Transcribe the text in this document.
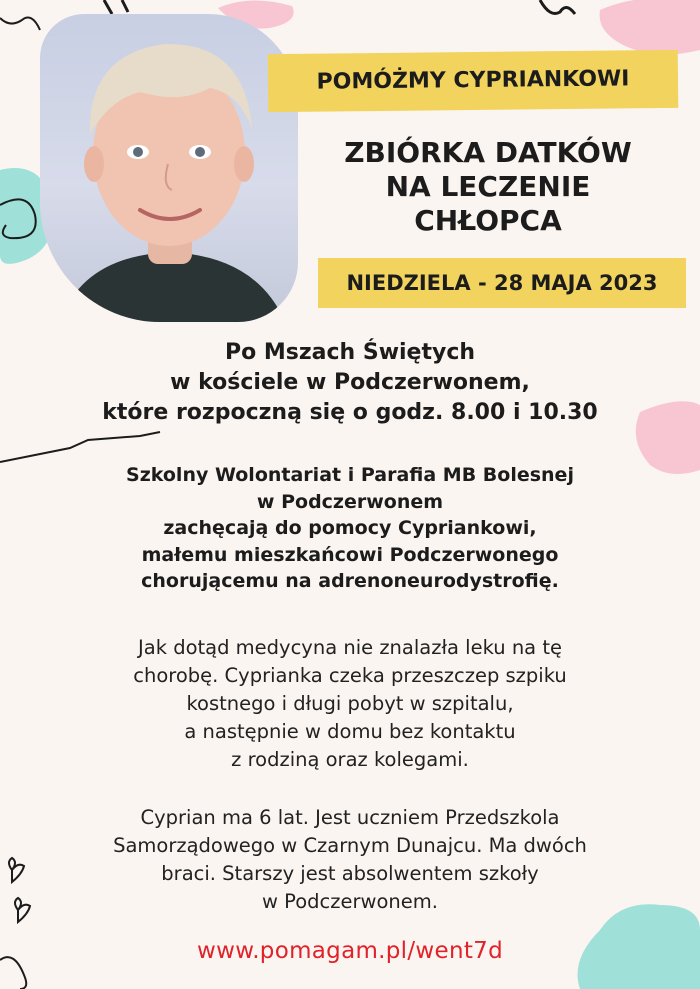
POMÓŻMY CYPRIANKOWI
ZBIÓRKA DATKÓW
NA LECZENIE
CHŁOPCA
NIEDZIELA - 28 MAJA 2023
Po Mszach Świętych
w kościele w Podczerwonem,
które rozpoczną się o godz. 8.00 i 10.30
Szkolny Wolontariat i Parafia MB Bolesnej
w Podczerwonem
zachęcają do pomocy Cypriankowi,
małemu mieszkańcowi Podczerwonego
chorującemu na adrenoneurodystrofię.
Jak dotąd medycyna nie znalazła leku na tę
chorobę. Cyprianka czeka przeszczep szpiku
kostnego i długi pobyt w szpitalu,
a następnie w domu bez kontaktu
z rodziną oraz kolegami.
Cyprian ma 6 lat. Jest uczniem Przedszkola
Samorządowego w Czarnym Dunajcu. Ma dwóch
braci. Starszy jest absolwentem szkoły
w Podczerwonem.
www.pomagam.pl/went7d
